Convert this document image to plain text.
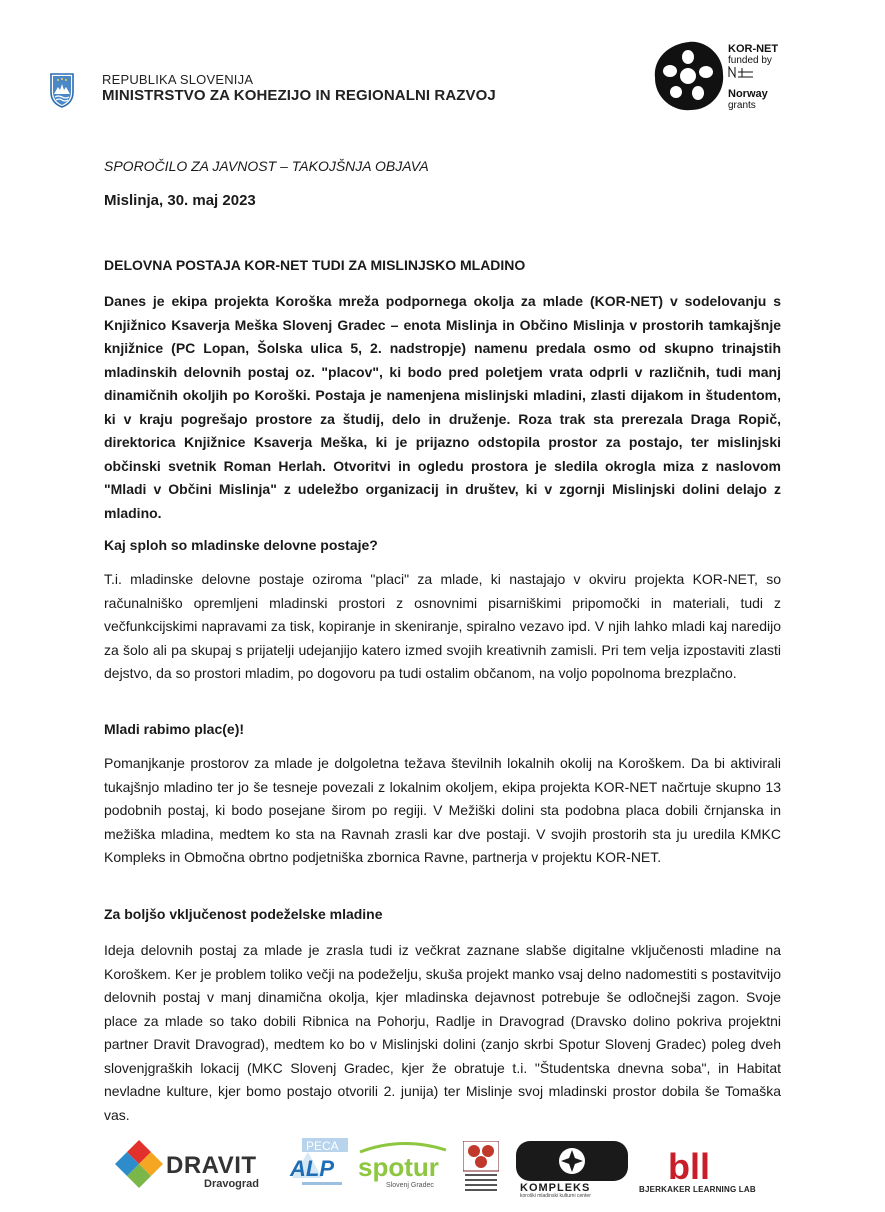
REPUBLIKA SLOVENIJA
MINISTRSTVO ZA KOHEZIJO IN REGIONALNI RAZVOJ
KOR-NET
funded by
Norway
grants
SPOROČILO ZA JAVNOST – TAKOJŠNJA OBJAVA
Mislinja, 30. maj 2023
DELOVNA POSTAJA KOR-NET TUDI ZA MISLINJSKO MLADINO
Danes je ekipa projekta Koroška mreža podpornega okolja za mlade (KOR-NET) v sodelovanju s Knjižnico Ksaverja Meška Slovenj Gradec – enota Mislinja in Občino Mislinja v prostorih tamkajšnje knjižnice (PC Lopan, Šolska ulica 5, 2. nadstropje) namenu predala osmo od skupno trinajstih mladinskih delovnih postaj oz. "placov", ki bodo pred poletjem vrata odprli v različnih, tudi manj dinamičnih okoljih po Koroški. Postaja je namenjena mislinjski mladini, zlasti dijakom in študentom, ki v kraju pogrešajo prostore za študij, delo in druženje. Roza trak sta prerezala Draga Ropič, direktorica Knjižnice Ksaverja Meška, ki je prijazno odstopila prostor za postajo, ter mislinjski občinski svetnik Roman Herlah. Otvoritvi in ogledu prostora je sledila okrogla miza z naslovom "Mladi v Občini Mislinja" z udeležbo organizacij in društev, ki v zgornji Mislinjski dolini delajo z mladino.
Kaj sploh so mladinske delovne postaje?
T.i. mladinske delovne postaje oziroma "placi" za mlade, ki nastajajo v okviru projekta KOR-NET, so računalniško opremljeni mladinski prostori z osnovnimi pisarniškimi pripomočki in materiali, tudi z večfunkcijskimi napravami za tisk, kopiranje in skeniranje, spiralno vezavo ipd. V njih lahko mladi kaj naredijo za šolo ali pa skupaj s prijatelji udejanjijo katero izmed svojih kreativnih zamisli. Pri tem velja izpostaviti zlasti dejstvo, da so prostori mladim, po dogovoru pa tudi ostalim občanom, na voljo popolnoma brezplačno.
Mladi rabimo plac(e)!
Pomanjkanje prostorov za mlade je dolgoletna težava številnih lokalnih okolij na Koroškem. Da bi aktivirali tukajšnjo mladino ter jo še tesneje povezali z lokalnim okoljem, ekipa projekta KOR-NET načrtuje skupno 13 podobnih postaj, ki bodo posejane širom po regiji. V Mežiški dolini sta podobna placa dobili črnjanska in mežiška mladina, medtem ko sta na Ravnah zrasli kar dve postaji. V svojih prostorih sta ju uredila KMKC Kompleks in Območna obrtno podjetniška zbornica Ravne, partnerja v projektu KOR-NET.
Za boljšo vključenost podeželske mladine
Ideja delovnih postaj za mlade je zrasla tudi iz večkrat zaznane slabše digitalne vključenosti mladine na Koroškem. Ker je problem toliko večji na podeželju, skuša projekt manko vsaj delno nadomestiti s postavitvijo delovnih postaj v manj dinamična okolja, kjer mladinska dejavnost potrebuje še odločnejši zagon. Svoje place za mlade so tako dobili Ribnica na Pohorju, Radlje in Dravograd (Dravsko dolino pokriva projektni partner Dravit Dravograd), medtem ko bo v Mislinjski dolini (zanjo skrbi Spotur Slovenj Gradec) poleg dveh slovenjgraških lokacij (MKC Slovenj Gradec, kjer že obratuje t.i. "Študentska dnevna soba", in Habitat nevladne kulture, kjer bomo postajo otvorili 2. junija) ter Mislinje svoj mladinski prostor dobila še Tomaška vas.
DRAVIT
Dravograd
PECA
ALP spotur
Slovenj Gradec	KOMPLEKS
koroški mladinski kulturni center
bll
BJERKAKER LEARNING LAB
